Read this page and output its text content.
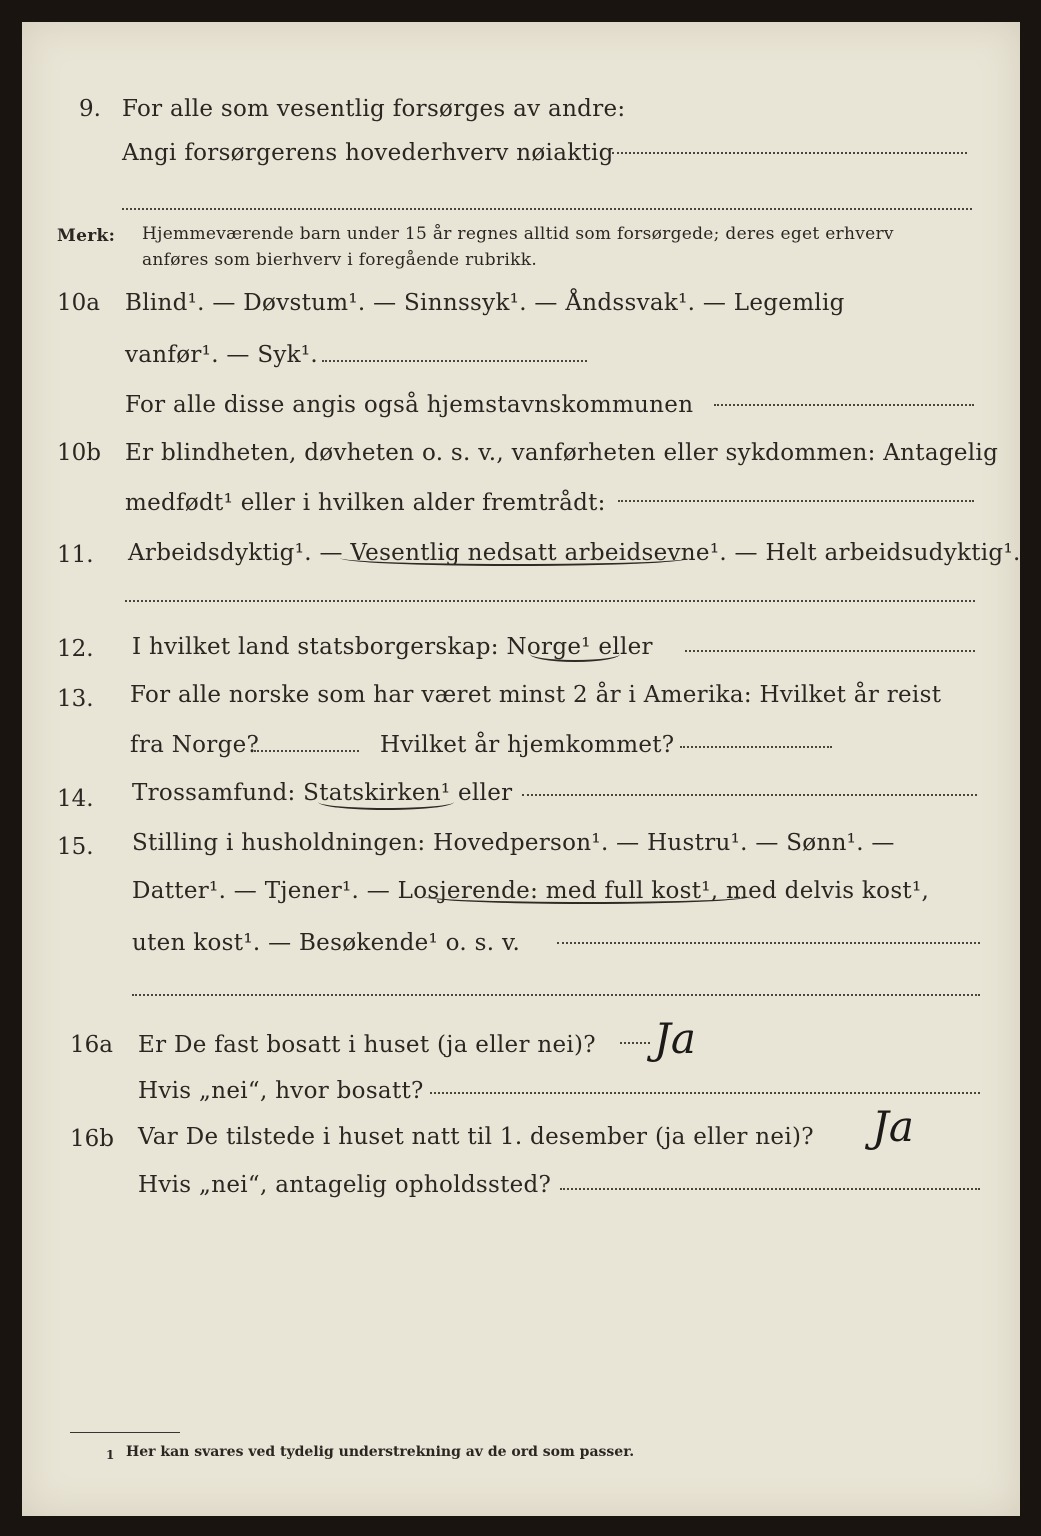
9. For alle som vesentlig forsørges av andre:
Angi forsørgerens hovederhverv nøiaktig
Merk: Hjemmeværende barn under 15 år regnes alltid som forsørgede; deres eget erhverv
anføres som bierhverv i foregående rubrikk.
10a Blind¹. — Døvstum¹. — Sinnssyk¹. — Åndssvak¹. — Legemlig
vanfør¹. — Syk¹.
For alle disse angis også hjemstavnskommunen
10b Er blindheten, døvheten o. s. v., vanførheten eller sykdommen: Antagelig
medfødt¹ eller i hvilken alder fremtrådt:
11. Arbeidsdyktig¹. — Vesentlig nedsatt arbeidsevne¹. — Helt arbeidsudyktig¹.
12. I hvilket land statsborgerskap: Norge¹ eller
13. For alle norske som har været minst 2 år i Amerika: Hvilket år reist
fra Norge?	Hvilket år hjemkommet?
14. Trossamfund: Statskirken¹ eller
15. Stilling i husholdningen: Hovedperson¹. — Hustru¹. — Sønn¹. —
Datter¹. — Tjener¹. — Losjerende: med full kost¹, med delvis kost¹,
uten kost¹. — Besøkende¹ o. s. v.
16a Er De fast bosatt i huset (ja eller nei)? Ja
Hvis „nei“, hvor bosatt?
16b Var De tilstede i huset natt til 1. desember (ja eller nei)? Ja
Hvis „nei“, antagelig opholdssted?
1 Her kan svares ved tydelig understrekning av de ord som passer.
